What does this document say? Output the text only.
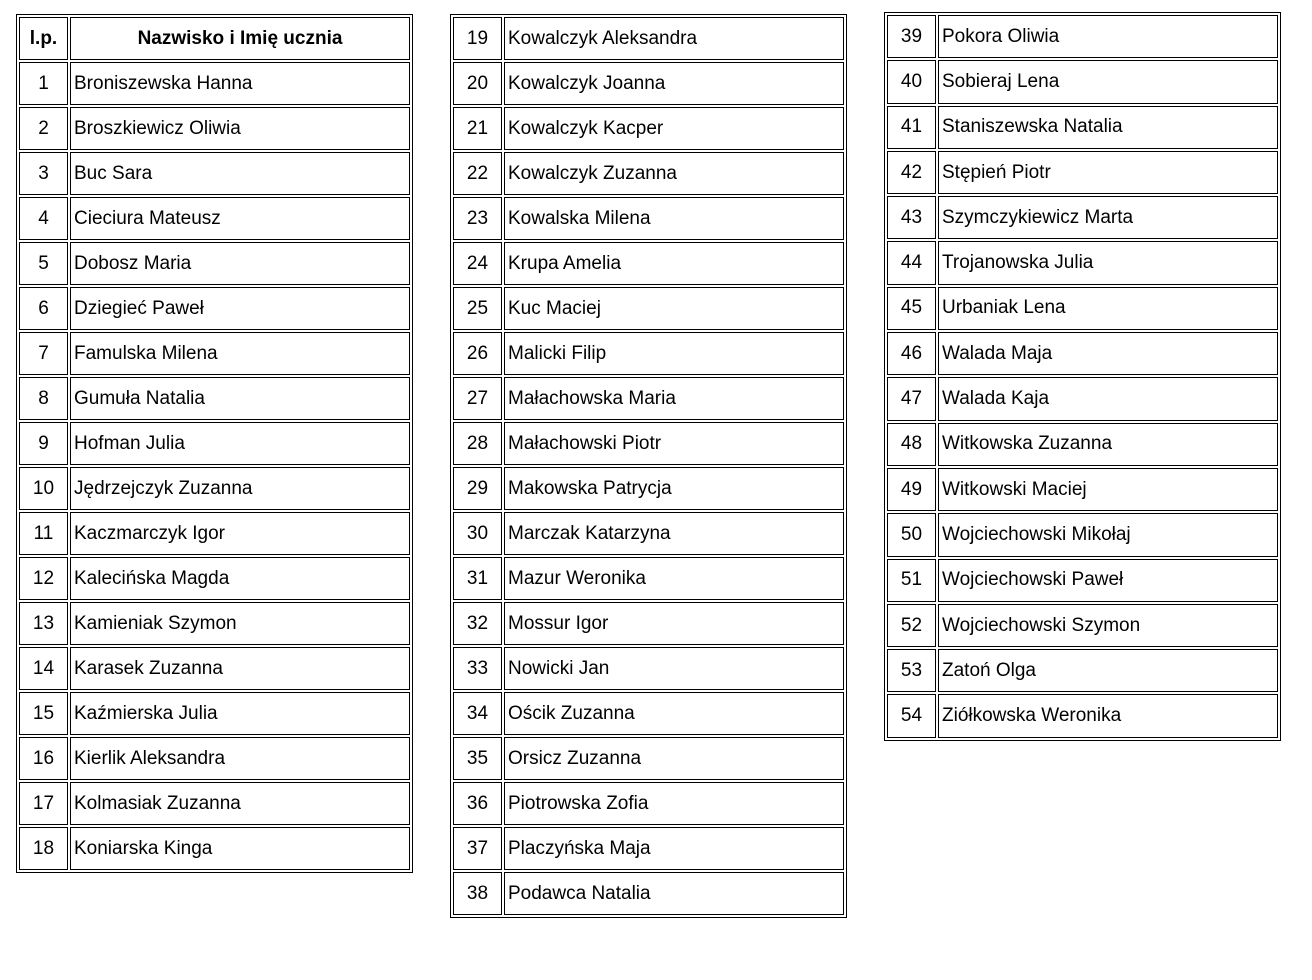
l.p.	Nazwisko i Imię ucznia
1	Broniszewska Hanna
2	Broszkiewicz Oliwia
3	Buc Sara
4	Cieciura Mateusz
5	Dobosz Maria
6	Dziegieć Paweł
7	Famulska Milena
8	Gumuła Natalia
9	Hofman Julia
10	Jędrzejczyk Zuzanna
11	Kaczmarczyk Igor
12	Kalecińska Magda
13	Kamieniak Szymon
14	Karasek Zuzanna
15	Kaźmierska Julia
16	Kierlik Aleksandra
17	Kolmasiak Zuzanna
18	Koniarska Kinga
19	Kowalczyk Aleksandra
20	Kowalczyk Joanna
21	Kowalczyk Kacper
22	Kowalczyk Zuzanna
23	Kowalska Milena
24	Krupa Amelia
25	Kuc Maciej
26	Malicki Filip
27	Małachowska Maria
28	Małachowski Piotr
29	Makowska Patrycja
30	Marczak Katarzyna
31	Mazur Weronika
32	Mossur Igor
33	Nowicki Jan
34	Ościk Zuzanna
35	Orsicz Zuzanna
36	Piotrowska Zofia
37	Placzyńska Maja
38	Podawca Natalia
39	Pokora Oliwia
40	Sobieraj Lena
41	Staniszewska Natalia
42	Stępień Piotr
43	Szymczykiewicz Marta
44	Trojanowska Julia
45	Urbaniak Lena
46	Walada Maja
47	Walada Kaja
48	Witkowska Zuzanna
49	Witkowski Maciej
50	Wojciechowski Mikołaj
51	Wojciechowski Paweł
52	Wojciechowski Szymon
53	Zatoń Olga
54	Ziółkowska Weronika
